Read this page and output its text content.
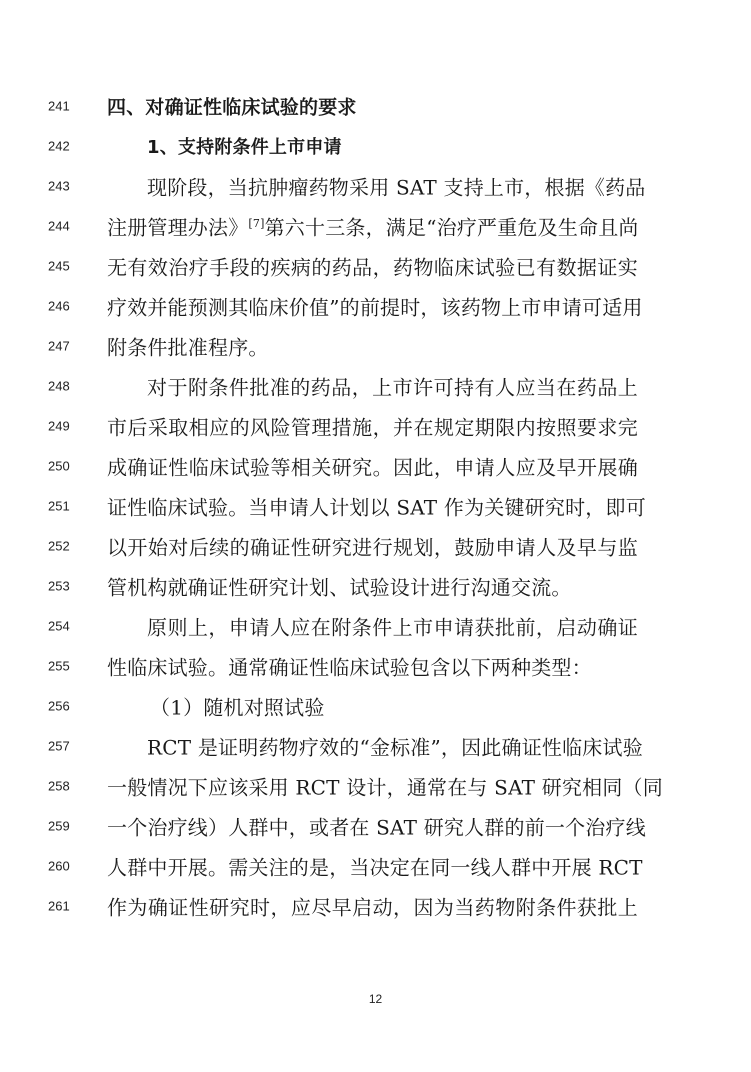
241	四、对确证性临床试验的要求
242	1、支持附条件上市申请
243	现阶段，当抗肿瘤药物采用 SAT 支持上市，根据《药品
244	注册管理办法》[7]第六十三条，满足“治疗严重危及生命且尚
245	无有效治疗手段的疾病的药品，药物临床试验已有数据证实
246	疗效并能预测其临床价值”的前提时，该药物上市申请可适用
247	附条件批准程序。
248	对于附条件批准的药品，上市许可持有人应当在药品上
249	市后采取相应的风险管理措施，并在规定期限内按照要求完
250	成确证性临床试验等相关研究。因此，申请人应及早开展确
251	证性临床试验。当申请人计划以 SAT 作为关键研究时，即可
252	以开始对后续的确证性研究进行规划，鼓励申请人及早与监
253	管机构就确证性研究计划、试验设计进行沟通交流。
254	原则上，申请人应在附条件上市申请获批前，启动确证
255	性临床试验。通常确证性临床试验包含以下两种类型：
256	（1）随机对照试验
257	RCT 是证明药物疗效的“金标准”，因此确证性临床试验
258	一般情况下应该采用 RCT 设计，通常在与 SAT 研究相同（同
259	一个治疗线）人群中，或者在 SAT 研究人群的前一个治疗线
260	人群中开展。需关注的是，当决定在同一线人群中开展 RCT
261	作为确证性研究时，应尽早启动，因为当药物附条件获批上
12
